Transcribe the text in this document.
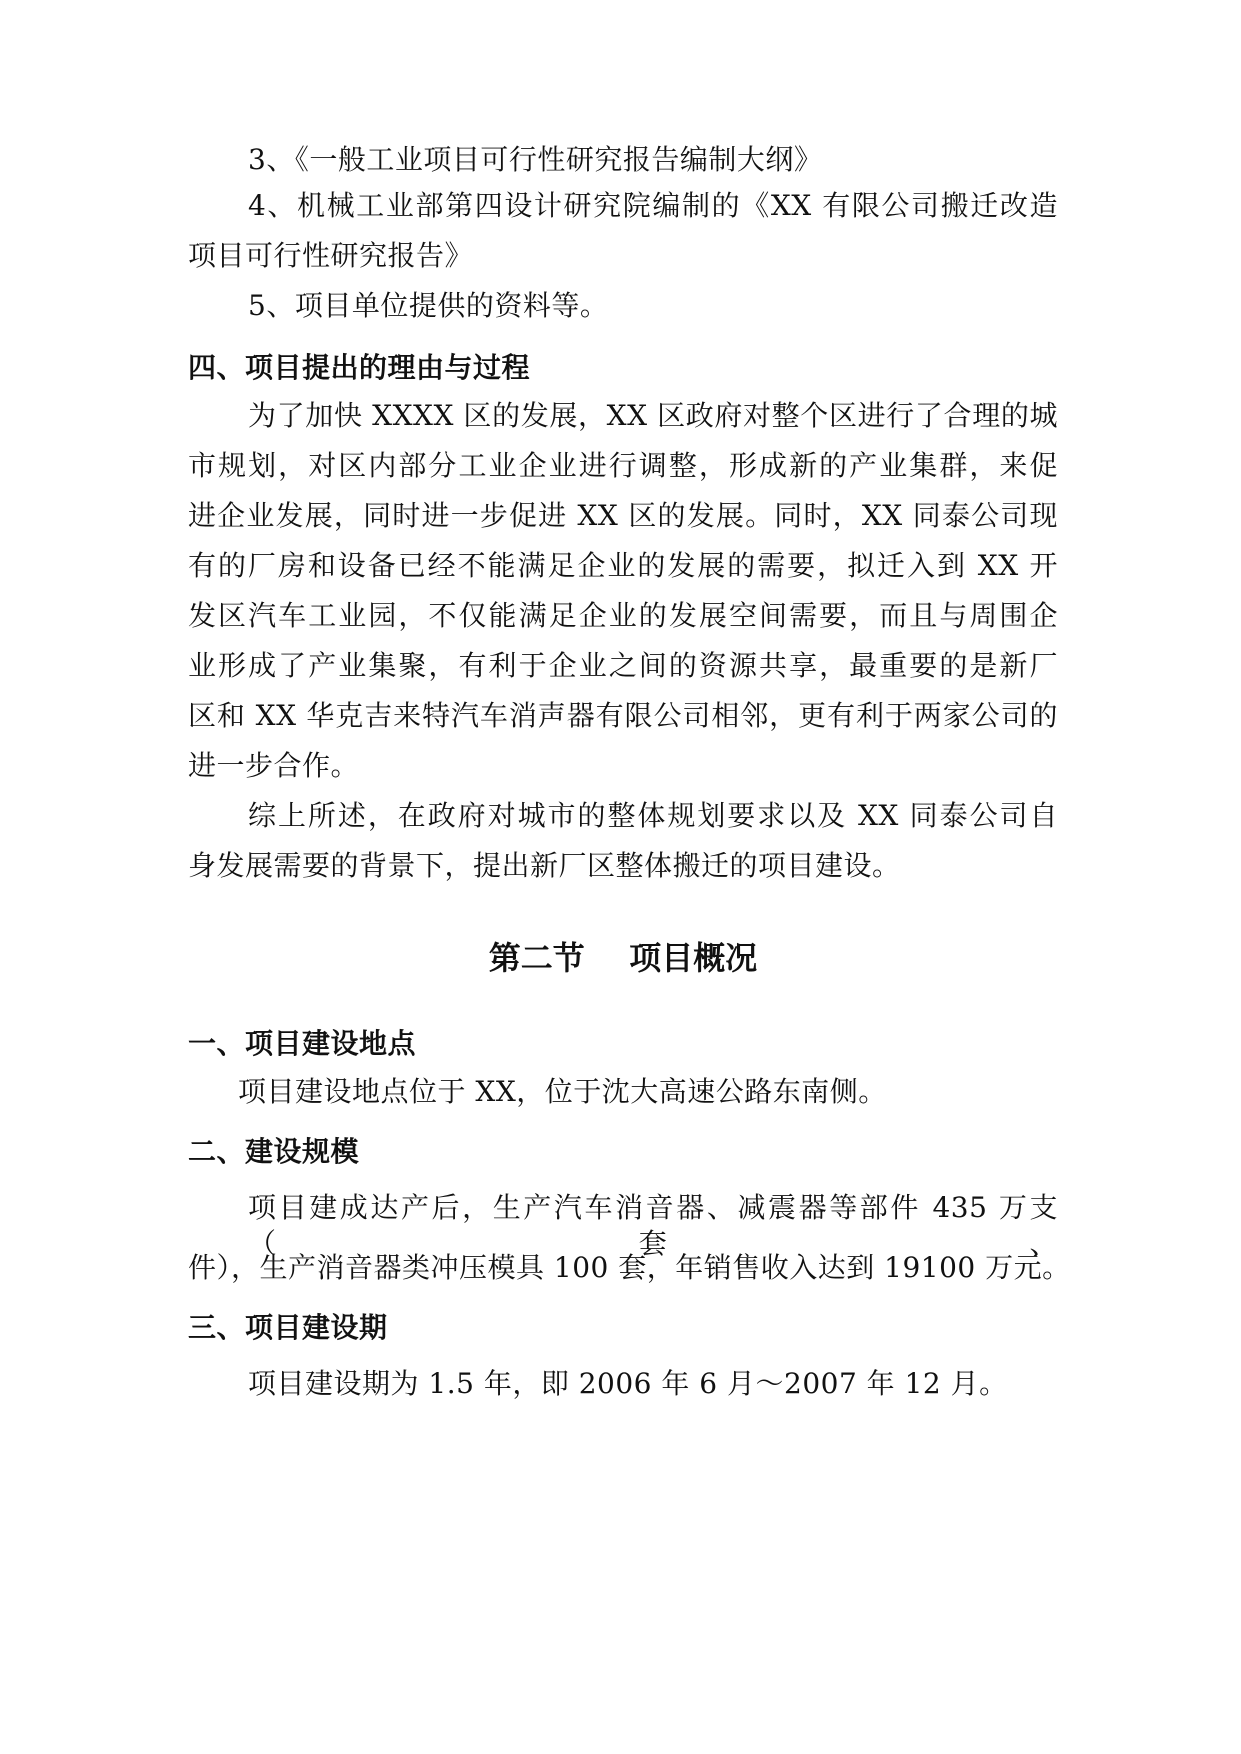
3、《一般工业项目可行性研究报告编制大纲》
4、机械工业部第四设计研究院编制的《XX 有限公司搬迁改造
项目可行性研究报告》
5、项目单位提供的资料等。
四、项目提出的理由与过程
为了加快 XXXX 区的发展，XX 区政府对整个区进行了合理的城
市规划，对区内部分工业企业进行调整，形成新的产业集群，来促
进企业发展，同时进一步促进 XX 区的发展。同时，XX 同泰公司现
有的厂房和设备已经不能满足企业的发展的需要，拟迁入到 XX 开
发区汽车工业园，不仅能满足企业的发展空间需要，而且与周围企
业形成了产业集聚，有利于企业之间的资源共享，最重要的是新厂
区和 XX 华克吉来特汽车消声器有限公司相邻，更有利于两家公司的
进一步合作。
综上所述，在政府对城市的整体规划要求以及 XX 同泰公司自
身发展需要的背景下，提出新厂区整体搬迁的项目建设。
第二节    项目概况
一、项目建设地点
项目建设地点位于 XX，位于沈大高速公路东南侧。
二、建设规模
项目建成达产后，生产汽车消音器、减震器等部件 435 万支（套、
件），生产消音器类冲压模具 100 套，年销售收入达到 19100 万元。
三、项目建设期
项目建设期为 1.5 年，即 2006 年 6 月～2007 年 12 月。
